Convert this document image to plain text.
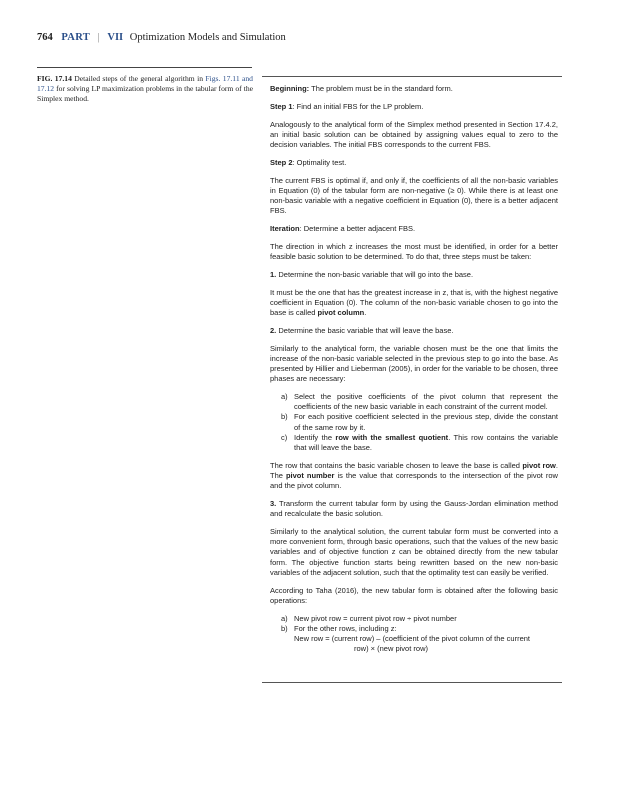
764 PART | VII Optimization Models and Simulation
FIG. 17.14 Detailed steps of the general algorithm in Figs. 17.11 and 17.12 for solving LP maximization problems in the tabular form of the Simplex method.

Beginning: The problem must be in the standard form.

Step 1: Find an initial FBS for the LP problem.

Analogously to the analytical form of the Simplex method presented in Section 17.4.2, an initial basic solution can be obtained by assigning values equal to zero to the decision variables. The initial FBS corresponds to the current FBS.

Step 2: Optimality test.

The current FBS is optimal if, and only if, the coefficients of all the non-basic variables in Equation (0) of the tabular form are non-negative (≥ 0). While there is at least one non-basic variable with a negative coefficient in Equation (0), there is a better adjacent FBS.

Iteration: Determine a better adjacent FBS.

The direction in which z increases the most must be identified, in order for a better feasible basic solution to be determined. To do that, three steps must be taken:

1. Determine the non-basic variable that will go into the base.

It must be the one that has the greatest increase in z, that is, with the highest negative coefficient in Equation (0). The column of the non-basic variable chosen to go into the base is called pivot column.

2. Determine the basic variable that will leave the base.

Similarly to the analytical form, the variable chosen must be the one that limits the increase of the non-basic variable selected in the previous step to go into the base. As presented by Hillier and Lieberman (2005), in order for the variable to be chosen, three phases are necessary:

a) Select the positive coefficients of the pivot column that represent the coefficients of the new basic variable in each constraint of the current model.
b) For each positive coefficient selected in the previous step, divide the constant of the same row by it.
c) Identify the row with the smallest quotient. This row contains the variable that will leave the base.

The row that contains the basic variable chosen to leave the base is called pivot row. The pivot number is the value that corresponds to the intersection of the pivot row and the pivot column.

3. Transform the current tabular form by using the Gauss-Jordan elimination method and recalculate the basic solution.

Similarly to the analytical solution, the current tabular form must be converted into a more convenient form, through basic operations, such that the values of the new basic variables and of objective function z can be obtained directly from the new tabular form. The objective function starts being rewritten based on the new non-basic variables of the adjacent solution, such that the optimality test can easily be verified.

According to Taha (2016), the new tabular form is obtained after the following basic operations:

a) New pivot row = current pivot row ÷ pivot number
b) For the other rows, including z:
New row = (current row) – (coefficient of the pivot column of the current
row) × (new pivot row)
